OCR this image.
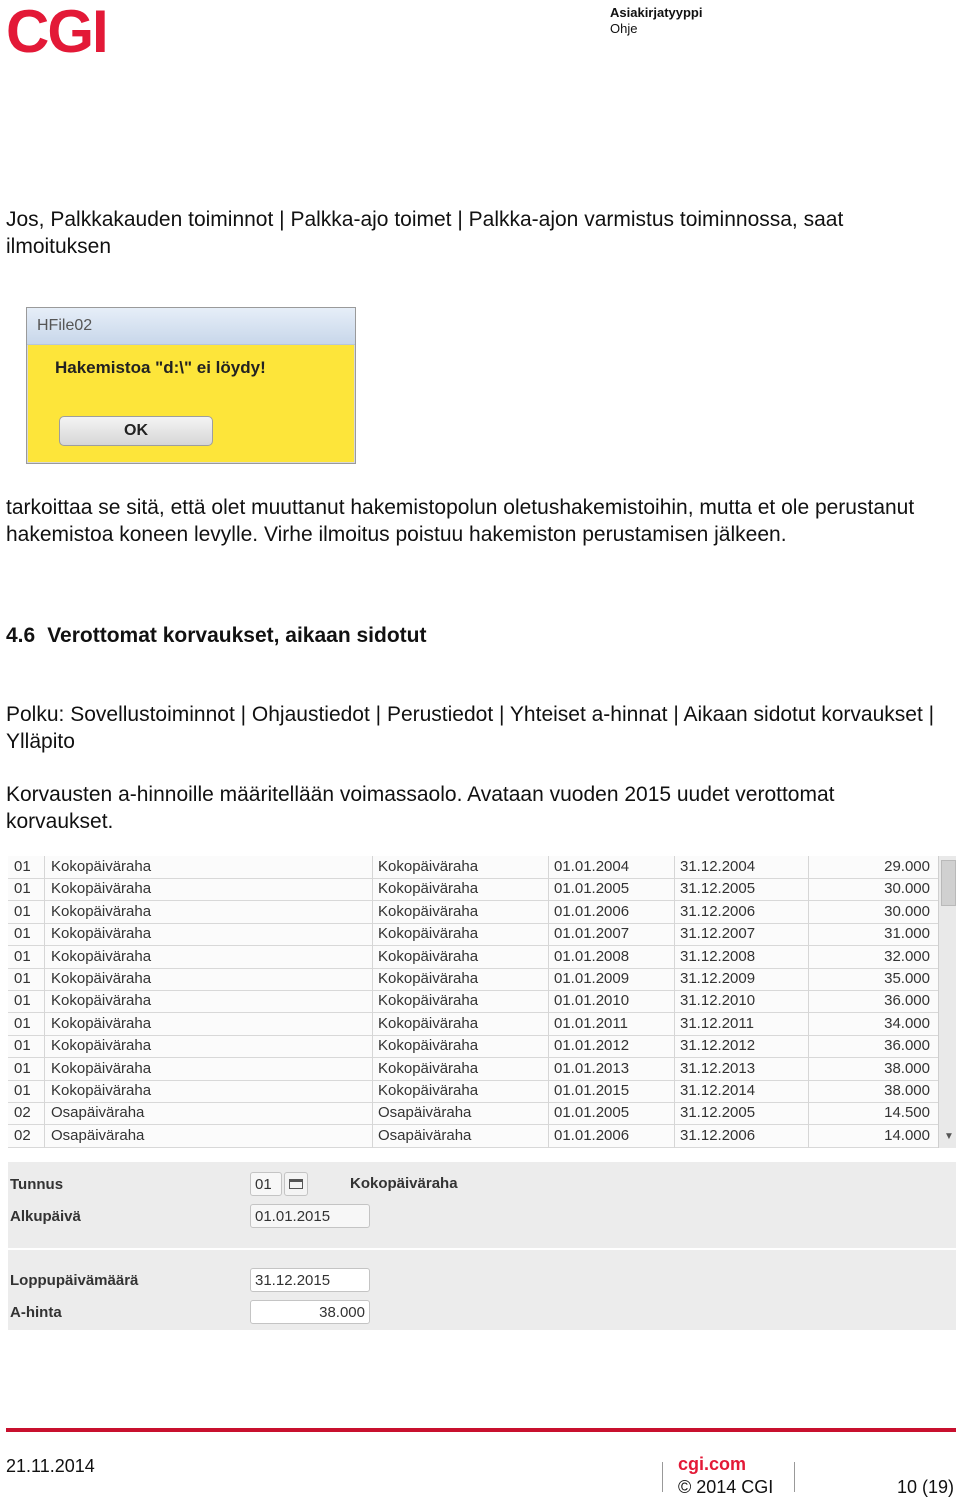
CGI	Asiakirjatyyppi
Ohje
Jos, Palkkakauden toiminnot | Palkka-ajo toimet | Palkka-ajon varmistus toiminnossa, saat ilmoituksen
HFile02
Hakemistoa "d:\" ei löydy!
OK
tarkoittaa se sitä, että olet muuttanut hakemistopolun oletushakemistoihin, mutta et ole perustanut hakemistoa koneen levylle. Virhe ilmoitus poistuu hakemiston perustamisen jälkeen.
4.6 Verottomat korvaukset, aikaan sidotut
Polku: Sovellustoiminnot | Ohjaustiedot | Perustiedot | Yhteiset a-hinnat | Aikaan sidotut korvaukset | Ylläpito
Korvausten a-hinnoille määritellään voimassaolo. Avataan vuoden 2015 uudet verottomat korvaukset.
02 Osapäiväraha	Osapäiväraha	01.01.2006	31.12.2006	14.000
02 Osapäiväraha	Osapäiväraha	01.01.2005	31.12.2005	14.500
01 Kokopäiväraha	Kokopäiväraha	01.01.2015	31.12.2014	38.000
01 Kokopäiväraha	Kokopäiväraha	01.01.2013	31.12.2013	38.000
01 Kokopäiväraha	Kokopäiväraha	01.01.2012	31.12.2012	36.000
01 Kokopäiväraha	Kokopäiväraha	01.01.2011	31.12.2011	34.000
01 Kokopäiväraha	Kokopäiväraha	01.01.2010	31.12.2010	36.000
01 Kokopäiväraha	Kokopäiväraha	01.01.2009	31.12.2009	35.000
01 Kokopäiväraha	Kokopäiväraha	01.01.2008	31.12.2008	32.000
01 Kokopäiväraha	Kokopäiväraha	01.01.2007	31.12.2007	31.000
01 Kokopäiväraha	Kokopäiväraha	01.01.2006	31.12.2006	30.000
01 Kokopäiväraha	Kokopäiväraha	01.01.2005	31.12.2005	30.000
01 Kokopäiväraha	Kokopäiväraha	01.01.2004	31.12.2004	29.000
▼
Tunnus	01	Kokopäiväraha
Alkupäivä	01.01.2015
Loppupäivämäärä	31.12.2015
A-hinta	38.000
21.11.2014	cgi.com
© 2014 CGI	10 (19)
